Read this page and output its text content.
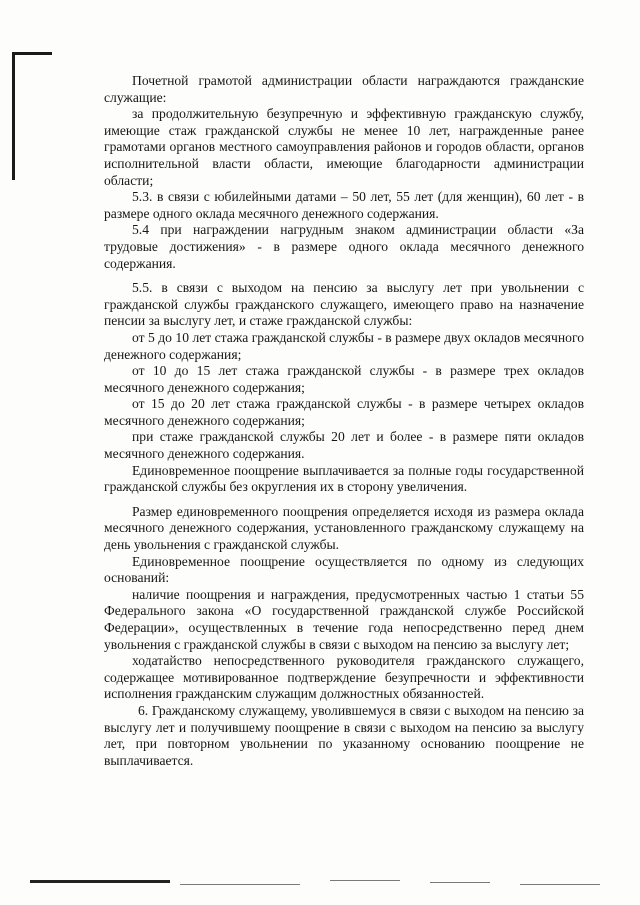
Почетной грамотой администрации области награждаются гражданские служащие:

за продолжительную безупречную и эффективную гражданскую службу, имеющие стаж гражданской службы не менее 10 лет, награжденные ранее грамотами органов местного самоуправления районов и городов области, органов исполнительной власти области, имеющие благодарности администрации области;

5.3. в связи с юбилейными датами – 50 лет, 55 лет (для женщин), 60 лет - в размере одного оклада месячного денежного содержания.

5.4 при награждении нагрудным знаком администрации области «За трудовые достижения» - в размере одного оклада месячного денежного содержания.

5.5. в связи с выходом на пенсию за выслугу лет при увольнении с гражданской службы гражданского служащего, имеющего право на назначение пенсии за выслугу лет, и стаже гражданской службы:

от 5 до 10 лет стажа гражданской службы - в размере двух окладов месячного денежного содержания;

от 10 до 15 лет стажа гражданской службы - в размере трех окладов месячного денежного содержания;

от 15 до 20 лет стажа гражданской службы - в размере четырех окладов месячного денежного содержания;

при стаже гражданской службы 20 лет и более - в размере пяти окладов месячного денежного содержания.

Единовременное поощрение выплачивается за полные годы государственной гражданской службы без округления их в сторону увеличения.

Размер единовременного поощрения определяется исходя из размера оклада месячного денежного содержания, установленного гражданскому служащему на день увольнения с гражданской службы.

Единовременное поощрение осуществляется по одному из следующих оснований:

наличие поощрения и награждения, предусмотренных частью 1 статьи 55 Федерального закона «О государственной гражданской службе Российской Федерации», осуществленных в течение года непосредственно перед днем увольнения с гражданской службы в связи с выходом на пенсию за выслугу лет;

ходатайство непосредственного руководителя гражданского служащего, содержащее мотивированное подтверждение безупречности и эффективности исполнения гражданским служащим должностных обязанностей.

6. Гражданскому служащему, уволившемуся в связи с выходом на пенсию за выслугу лет и получившему поощрение в связи с выходом на пенсию за выслугу лет, при повторном увольнении по указанному основанию поощрение не выплачивается.
